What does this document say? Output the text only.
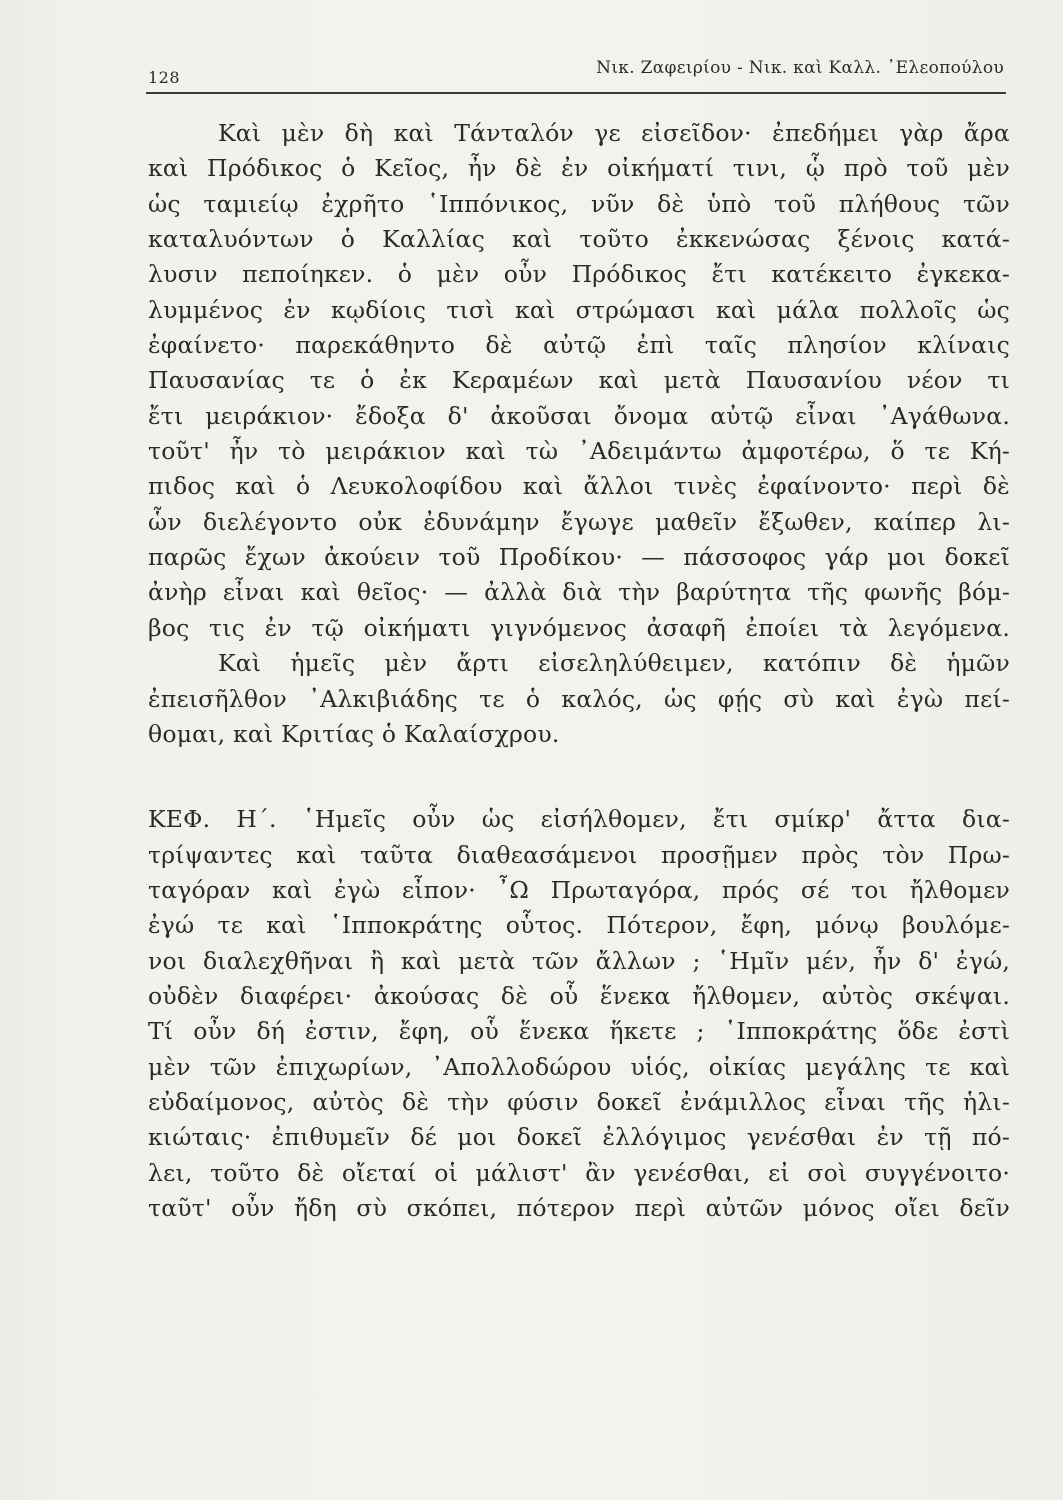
128	Νικ. Ζαφειρίου - Νικ. καὶ Καλλ. ᾿Ελεοπούλου
Καὶ μὲν δὴ καὶ Τάνταλόν γε εἰσεῖδον· ἐπεδήμει γὰρ ἄρα
καὶ Πρόδικος ὁ Κεῖος, ἦν δὲ ἐν οἰκήματί τινι, ᾧ πρὸ τοῦ μὲν
ὡς ταμιείῳ ἐχρῆτο ῾Ιππόνικος, νῦν δὲ ὑπὸ τοῦ πλήθους τῶν
καταλυόντων ὁ Καλλίας καὶ τοῦτο ἐκκενώσας ξένοις κατά-
λυσιν πεποίηκεν. ὁ μὲν οὖν Πρόδικος ἔτι κατέκειτο ἐγκεκα-
λυμμένος ἐν κῳδίοις τισὶ καὶ στρώμασι καὶ μάλα πολλοῖς ὡς
ἐφαίνετο· παρεκάθηντο δὲ αὐτῷ ἐπὶ ταῖς πλησίον κλίναις
Παυσανίας τε ὁ ἐκ Κεραμέων καὶ μετὰ Παυσανίου νέον τι
ἔτι μειράκιον· ἔδοξα δ' ἀκοῦσαι ὄνομα αὐτῷ εἶναι ᾿Αγάθωνα.
τοῦτ' ἦν τὸ μειράκιον καὶ τὼ ᾿Αδειμάντω ἀμφοτέρω, ὅ τε Κή-
πιδος καὶ ὁ Λευκολοφίδου καὶ ἄλλοι τινὲς ἐφαίνοντο· περὶ δὲ
ὧν διελέγοντο οὐκ ἐδυνάμην ἔγωγε μαθεῖν ἔξωθεν, καίπερ λι-
παρῶς ἔχων ἀκούειν τοῦ Προδίκου· — πάσσοφος γάρ μοι δοκεῖ
ἀνὴρ εἶναι καὶ θεῖος· — ἀλλὰ διὰ τὴν βαρύτητα τῆς φωνῆς βόμ-
βος τις ἐν τῷ οἰκήματι γιγνόμενος ἀσαφῆ ἐποίει τὰ λεγόμενα.
Καὶ ἡμεῖς μὲν ἄρτι εἰσεληλύθειμεν, κατόπιν δὲ ἡμῶν
ἐπεισῆλθον ᾿Αλκιβιάδης τε ὁ καλός, ὡς φῄς σὺ καὶ ἐγὼ πεί-
θομαι, καὶ Κριτίας ὁ Καλαίσχρου.
ΚΕΦ. Η΄. ῾Ημεῖς οὖν ὡς εἰσήλθομεν, ἔτι σμίκρ' ἄττα δια-
τρίψαντες καὶ ταῦτα διαθεασάμενοι προσῇμεν πρὸς τὸν Πρω-
ταγόραν καὶ ἐγὼ εἶπον· ῏Ω Πρωταγόρα, πρός σέ τοι ἤλθομεν
ἐγώ τε καὶ ῾Ιπποκράτης οὗτος. Πότερον, ἔφη, μόνῳ βουλόμε-
νοι διαλεχθῆναι ἢ καὶ μετὰ τῶν ἄλλων ; ῾Ημῖν μέν, ἦν δ' ἐγώ,
οὐδὲν διαφέρει· ἀκούσας δὲ οὗ ἕνεκα ἤλθομεν, αὐτὸς σκέψαι.
Τί οὖν δή ἐστιν, ἔφη, οὗ ἕνεκα ἥκετε ; ῾Ιπποκράτης ὅδε ἐστὶ
μὲν τῶν ἐπιχωρίων, ᾿Απολλοδώρου υἱός, οἰκίας μεγάλης τε καὶ
εὐδαίμονος, αὐτὸς δὲ τὴν φύσιν δοκεῖ ἐνάμιλλος εἶναι τῆς ἡλι-
κιώταις· ἐπιθυμεῖν δέ μοι δοκεῖ ἐλλόγιμος γενέσθαι ἐν τῇ πό-
λει, τοῦτο δὲ οἴεταί οἱ μάλιστ' ἂν γενέσθαι, εἰ σοὶ συγγένοιτο·
ταῦτ' οὖν ἤδη σὺ σκόπει, πότερον περὶ αὐτῶν μόνος οἴει δεῖν
